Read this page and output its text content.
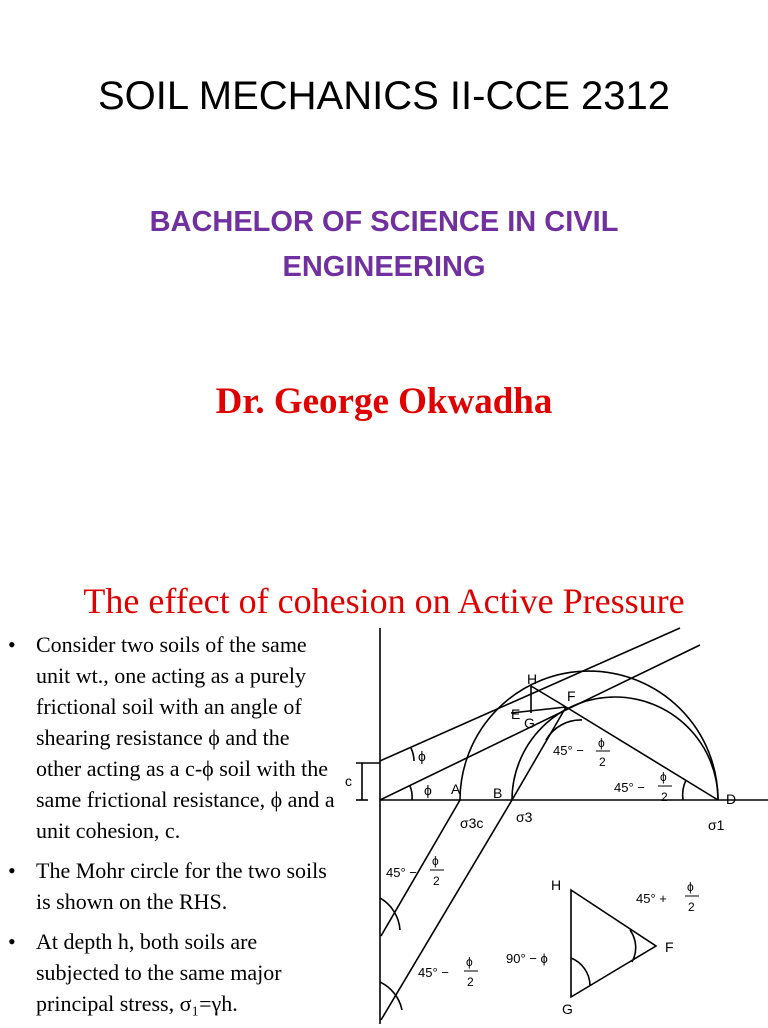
SOIL MECHANICS II-CCE 2312
BACHELOR OF SCIENCE IN CIVIL ENGINEERING
Dr. George Okwadha
The effect of cohesion on Active Pressure
• Consider two soils of the same unit wt., one acting as a purely frictional soil with an angle of shearing resistance ϕ and the other acting as a c-ϕ soil with the same frictional resistance, ϕ and a unit cohesion, c.
• The Mohr circle for the two soils is shown on the RHS.
• At depth h, both soils are subjected to the same major principal stress, σ₁=γh.
H
F
E
G
A B	D
c
ϕ
ϕ
σ3c σ3	σ1
45° − ϕ
2
45° −
ϕ
2
45° −
ϕ
2
45° −
ϕ
2
H
F
G
45° +
ϕ
2
90° − ϕ
